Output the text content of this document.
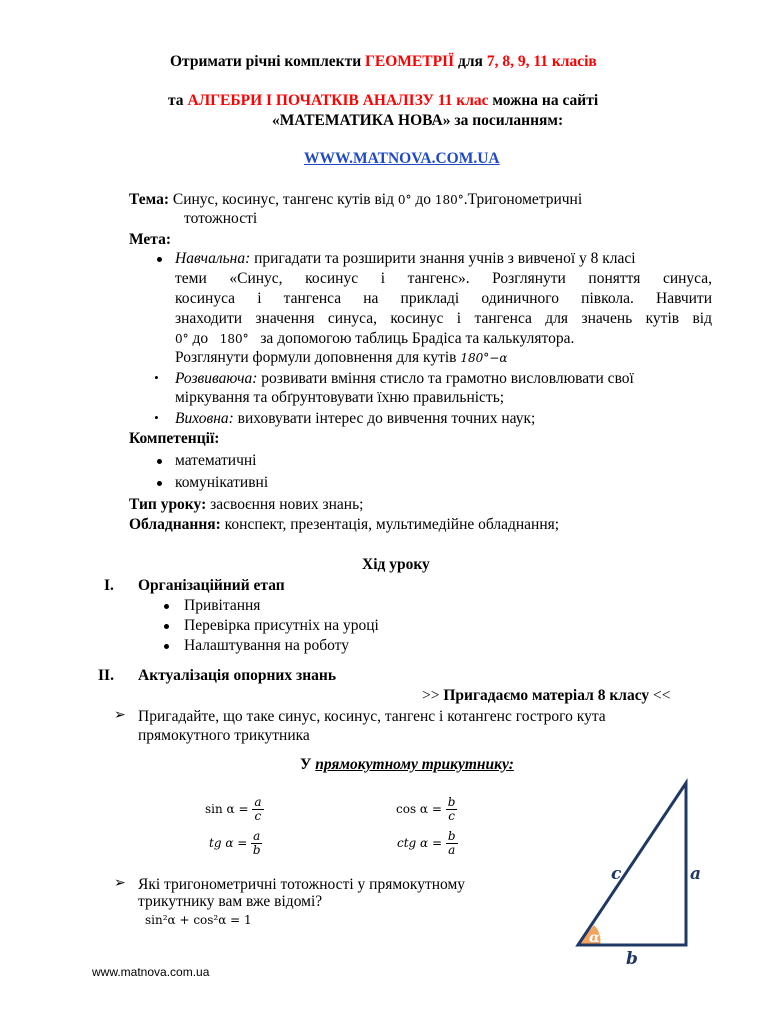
Отримати річні комплекти ГЕОМЕТРІЇ для 7, 8, 9, 11 класів
та АЛГЕБРИ І ПОЧАТКІВ АНАЛІЗУ 11 клас можна на сайті
«МАТЕМАТИКА НОВА» за посиланням:
WWW.MATNOVA.COM.UA
Тема: Синус, косинус, тангенс кутів від 0° до 180°.Тригонометричні
тотожності
Мета:
Навчальна: пригадати та розширити знання учнів з вивченої у 8 класі
теми «Синус, косинус і тангенс». Розглянути поняття синуса,
косинуса і тангенса на прикладі одиничного півкола. Навчити
знаходити значення синуса, косинус і тангенса для значень кутів від
0° до   180°   за допомогою таблиць Брадіса та калькулятора.
Розглянути формули доповнення для кутів 180°−α
• Розвиваюча: розвивати вміння стисло та грамотно висловлювати свої
міркування та обґрунтовувати їхню правильність;
• Виховна: виховувати інтерес до вивчення точних наук;
Компетенції:
математичні
комунікативні
Тип уроку: засвоєння нових знань;
Обладнання: конспект, презентація, мультимедійне обладнання;
Хід уроку
I. Організаційний етап
Привітання
Перевірка присутніх на уроці
Налаштування на роботу
II. Актуалізація опорних знань
>> Пригадаємо матеріал 8 класу <<
➢ Пригадайте, що таке синус, косинус, тангенс і котангенс гострого кута
прямокутного трикутника
У прямокутному трикутнику:
$\sin \alpha = \frac{a}{c}$	$\cos \alpha = \frac{b}{c}$
tg $\alpha = \frac{a}{b}$	ctg $\alpha = \frac{b}{a}$
➢ Які тригонометричні тотожності у прямокутному
трикутнику вам вже відомі?
sin²α + cos²α = 1
c	a
b
α
www.matnova.com.ua
